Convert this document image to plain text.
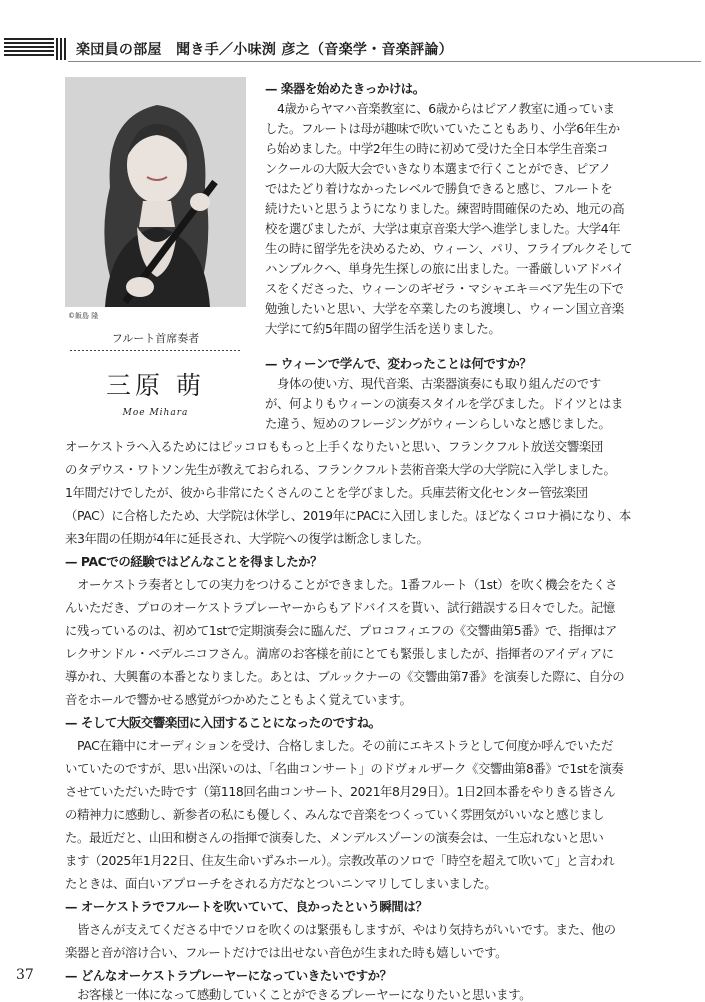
楽団員の部屋　聞き手／小味渕 彦之（音楽学・音楽評論）
©飯島 隆
フルート首席奏者
三原 萌
Moe Mihara
— 楽器を始めたきっかけは。
　4歳からヤマハ音楽教室に、6歳からはピアノ教室に通っていま
した。フルートは母が趣味で吹いていたこともあり、小学6年生か
ら始めました。中学2年生の時に初めて受けた全日本学生音楽コ
ンクールの大阪大会でいきなり本選まで行くことができ、ピアノ
ではたどり着けなかったレベルで勝負できると感じ、フルートを
続けたいと思うようになりました。練習時間確保のため、地元の高
校を選びましたが、大学は東京音楽大学へ進学しました。大学4年
生の時に留学先を決めるため、ウィーン、パリ、フライブルクそして
ハンブルクへ、単身先生探しの旅に出ました。一番厳しいアドバイ
スをくださった、ウィーンのギゼラ・マシャエキ＝ベア先生の下で
勉強したいと思い、大学を卒業したのち渡墺し、ウィーン国立音楽
大学にて約5年間の留学生活を送りました。
— ウィーンで学んで、変わったことは何ですか？
　身体の使い方、現代音楽、古楽器演奏にも取り組んだのです
が、何よりもウィーンの演奏スタイルを学びました。ドイツとはま
た違う、短めのフレージングがウィーンらしいなと感じました。
オーケストラへ入るためにはピッコロももっと上手くなりたいと思い、フランクフルト放送交響楽団
のタデウス・ワトソン先生が教えておられる、フランクフルト芸術音楽大学の大学院に入学しました。
1年間だけでしたが、彼から非常にたくさんのことを学びました。兵庫芸術文化センター管弦楽団
（PAC）に合格したため、大学院は休学し、2019年にPACに入団しました。ほどなくコロナ禍になり、本
来3年間の任期が4年に延長され、大学院への復学は断念しました。
— PACでの経験ではどんなことを得ましたか？
　オーケストラ奏者としての実力をつけることができました。1番フルート（1st）を吹く機会をたくさ
んいただき、プロのオーケストラプレーヤーからもアドバイスを貰い、試行錯誤する日々でした。記憶
に残っているのは、初めて1stで定期演奏会に臨んだ、プロコフィエフの《交響曲第5番》で、指揮はア
レクサンドル・ベデルニコフさん。満席のお客様を前にとても緊張しましたが、指揮者のアイディアに
導かれ、大興奮の本番となりました。あとは、ブルックナーの《交響曲第7番》を演奏した際に、自分の
音をホールで響かせる感覚がつかめたこともよく覚えています。
— そして大阪交響楽団に入団することになったのですね。
　PAC在籍中にオーディションを受け、合格しました。その前にエキストラとして何度か呼んでいただ
いていたのですが、思い出深いのは、「名曲コンサート」のドヴォルザーク《交響曲第8番》で1stを演奏
させていただいた時です（第118回名曲コンサート、2021年8月29日）。1日2回本番をやりきる皆さん
の精神力に感動し、新参者の私にも優しく、みんなで音楽をつくっていく雰囲気がいいなと感じまし
た。最近だと、山田和樹さんの指揮で演奏した、メンデルスゾーンの演奏会は、一生忘れないと思い
ます（2025年1月22日、住友生命いずみホール）。宗教改革のソロで「時空を超えて吹いて」と言われ
たときは、面白いアプローチをされる方だなとついニンマリしてしまいました。
— オーケストラでフルートを吹いていて、良かったという瞬間は？
　皆さんが支えてくださる中でソロを吹くのは緊張もしますが、やはり気持ちがいいです。また、他の
楽器と音が溶け合い、フルートだけでは出せない音色が生まれた時も嬉しいです。
— どんなオーケストラプレーヤーになっていきたいですか？
　お客様と一体になって感動していくことができるプレーヤーになりたいと思います。
37
